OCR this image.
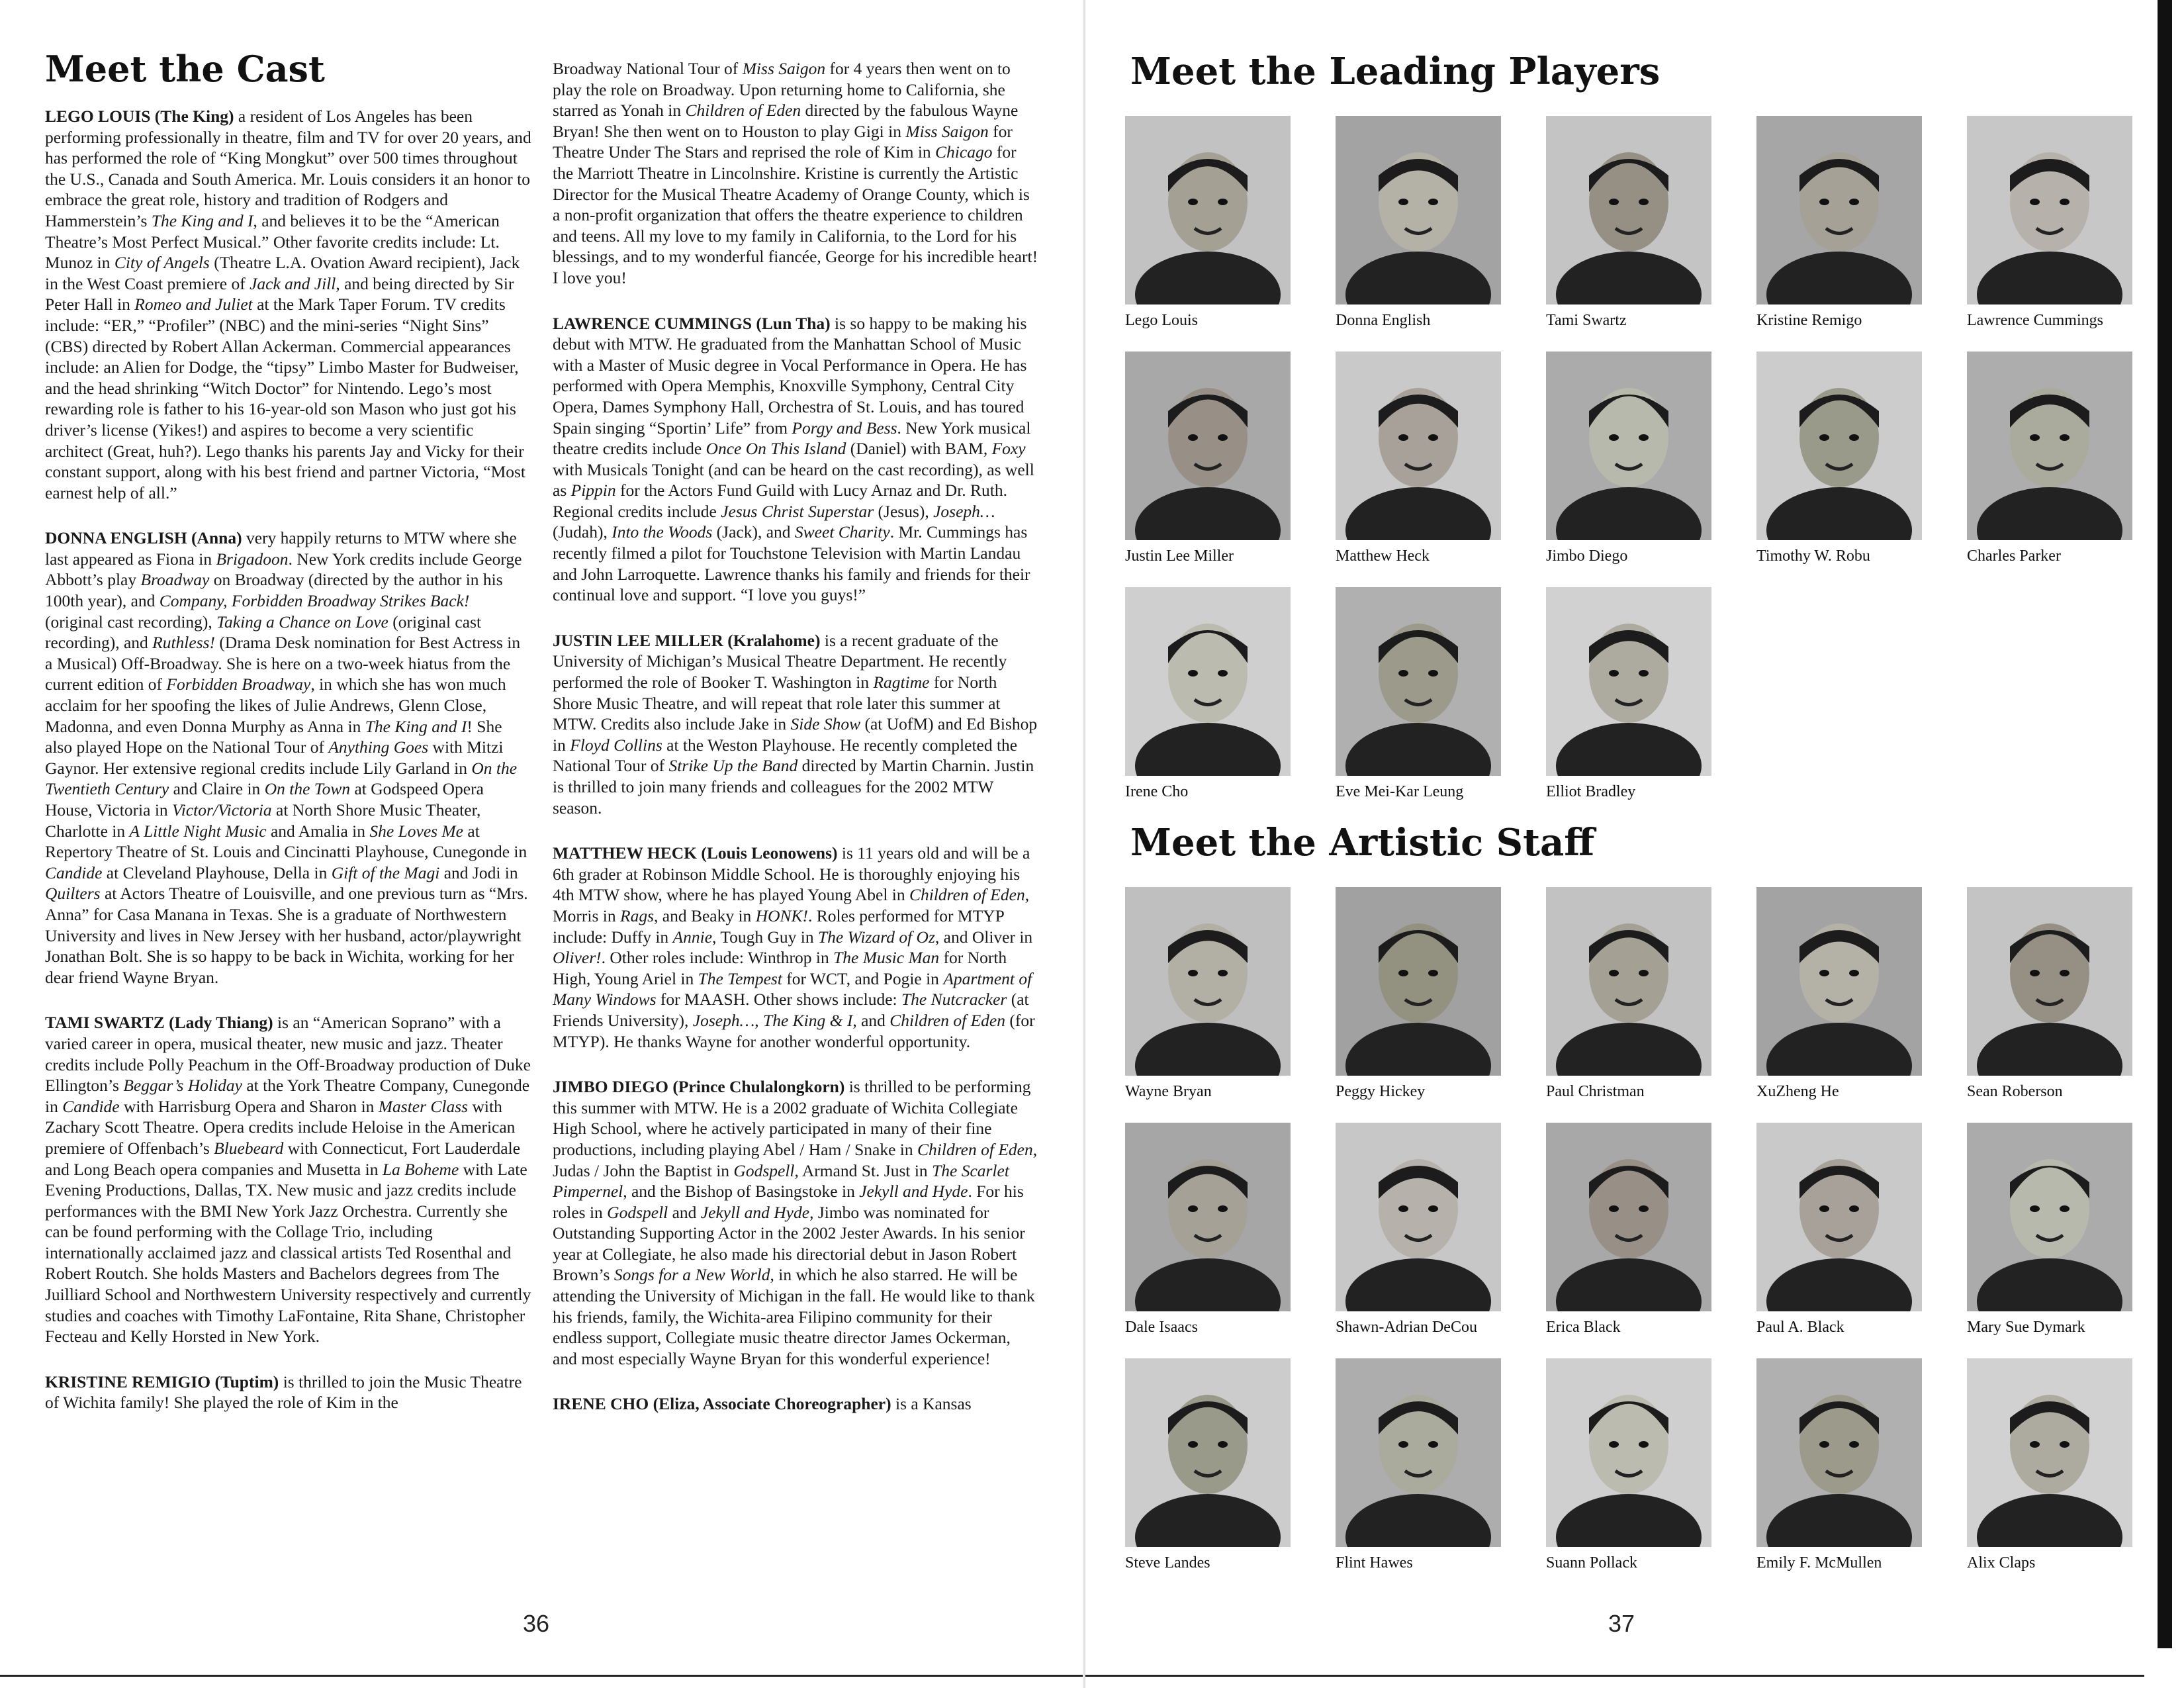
Meet the Cast

LEGO LOUIS (The King) a resident of Los Angeles has been performing professionally in theatre, film and TV for over 20 years, and has performed the role of “King Mongkut” over 500 times throughout the U.S., Canada and South America. Mr. Louis considers it an honor to embrace the great role, history and tradition of Rodgers and Hammerstein’s The King and I, and believes it to be the “American Theatre’s Most Perfect Musical.” Other favorite credits include: Lt. Munoz in City of Angels (Theatre L.A. Ovation Award recipient), Jack in the West Coast premiere of Jack and Jill, and being directed by Sir Peter Hall in Romeo and Juliet at the Mark Taper Forum. TV credits include: “ER,” “Profiler” (NBC) and the mini-series “Night Sins” (CBS) directed by Robert Allan Ackerman. Commercial appearances include: an Alien for Dodge, the “tipsy” Limbo Master for Budweiser, and the head shrinking “Witch Doctor” for Nintendo. Lego’s most rewarding role is father to his 16-year-old son Mason who just got his driver’s license (Yikes!) and aspires to become a very scientific architect (Great, huh?). Lego thanks his parents Jay and Vicky for their constant support, along with his best friend and partner Victoria, “Most earnest help of all.”

DONNA ENGLISH (Anna) very happily returns to MTW where she last appeared as Fiona in Brigadoon. New York credits include George Abbott’s play Broadway on Broadway (directed by the author in his 100th year), and Company, Forbidden Broadway Strikes Back! (original cast recording), Taking a Chance on Love (original cast recording), and Ruthless! (Drama Desk nomination for Best Actress in a Musical) Off-Broadway. She is here on a two-week hiatus from the current edition of Forbidden Broadway, in which she has won much acclaim for her spoofing the likes of Julie Andrews, Glenn Close, Madonna, and even Donna Murphy as Anna in The King and I! She also played Hope on the National Tour of Anything Goes with Mitzi Gaynor. Her extensive regional credits include Lily Garland in On the Twentieth Century and Claire in On the Town at Godspeed Opera House, Victoria in Victor/Victoria at North Shore Music Theater, Charlotte in A Little Night Music and Amalia in She Loves Me at Repertory Theatre of St. Louis and Cincinatti Playhouse, Cunegonde in Candide at Cleveland Playhouse, Della in Gift of the Magi and Jodi in Quilters at Actors Theatre of Louisville, and one previous turn as “Mrs. Anna” for Casa Manana in Texas. She is a graduate of Northwestern University and lives in New Jersey with her husband, actor/playwright Jonathan Bolt. She is so happy to be back in Wichita, working for her dear friend Wayne Bryan.

TAMI SWARTZ (Lady Thiang) is an “American Soprano” with a varied career in opera, musical theater, new music and jazz. Theater credits include Polly Peachum in the Off-Broadway production of Duke Ellington’s Beggar’s Holiday at the York Theatre Company, Cunegonde in Candide with Harrisburg Opera and Sharon in Master Class with Zachary Scott Theatre. Opera credits include Heloise in the American premiere of Offenbach’s Bluebeard with Connecticut, Fort Lauderdale and Long Beach opera companies and Musetta in La Boheme with Late Evening Productions, Dallas, TX. New music and jazz credits include performances with the BMI New York Jazz Orchestra. Currently she can be found performing with the Collage Trio, including internationally acclaimed jazz and classical artists Ted Rosenthal and Robert Routch. She holds Masters and Bachelors degrees from The Juilliard School and Northwestern University respectively and currently studies and coaches with Timothy LaFontaine, Rita Shane, Christopher Fecteau and Kelly Horsted in New York.

KRISTINE REMIGIO (Tuptim) is thrilled to join the Music Theatre of Wichita family! She played the role of Kim in the

Broadway National Tour of Miss Saigon for 4 years then went on to play the role on Broadway. Upon returning home to California, she starred as Yonah in Children of Eden directed by the fabulous Wayne Bryan! She then went on to Houston to play Gigi in Miss Saigon for Theatre Under The Stars and reprised the role of Kim in Chicago for the Marriott Theatre in Lincolnshire. Kristine is currently the Artistic Director for the Musical Theatre Academy of Orange County, which is a non-profit organization that offers the theatre experience to children and teens. All my love to my family in California, to the Lord for his blessings, and to my wonderful fiancée, George for his incredible heart! I love you!

LAWRENCE CUMMINGS (Lun Tha) is so happy to be making his debut with MTW. He graduated from the Manhattan School of Music with a Master of Music degree in Vocal Performance in Opera. He has performed with Opera Memphis, Knoxville Symphony, Central City Opera, Dames Symphony Hall, Orchestra of St. Louis, and has toured Spain singing “Sportin’ Life” from Porgy and Bess. New York musical theatre credits include Once On This Island (Daniel) with BAM, Foxy with Musicals Tonight (and can be heard on the cast recording), as well as Pippin for the Actors Fund Guild with Lucy Arnaz and Dr. Ruth. Regional credits include Jesus Christ Superstar (Jesus), Joseph… (Judah), Into the Woods (Jack), and Sweet Charity. Mr. Cummings has recently filmed a pilot for Touchstone Television with Martin Landau and John Larroquette. Lawrence thanks his family and friends for their continual love and support. “I love you guys!”

JUSTIN LEE MILLER (Kralahome) is a recent graduate of the University of Michigan’s Musical Theatre Department. He recently performed the role of Booker T. Washington in Ragtime for North Shore Music Theatre, and will repeat that role later this summer at MTW. Credits also include Jake in Side Show (at UofM) and Ed Bishop in Floyd Collins at the Weston Playhouse. He recently completed the National Tour of Strike Up the Band directed by Martin Charnin. Justin is thrilled to join many friends and colleagues for the 2002 MTW season.

MATTHEW HECK (Louis Leonowens) is 11 years old and will be a 6th grader at Robinson Middle School. He is thoroughly enjoying his 4th MTW show, where he has played Young Abel in Children of Eden, Morris in Rags, and Beaky in HONK!. Roles performed for MTYP include: Duffy in Annie, Tough Guy in The Wizard of Oz, and Oliver in Oliver!. Other roles include: Winthrop in The Music Man for North High, Young Ariel in The Tempest for WCT, and Pogie in Apartment of Many Windows for MAASH. Other shows include: The Nutcracker (at Friends University), Joseph…, The King & I, and Children of Eden (for MTYP). He thanks Wayne for another wonderful opportunity.

JIMBO DIEGO (Prince Chulalongkorn) is thrilled to be performing this summer with MTW. He is a 2002 graduate of Wichita Collegiate High School, where he actively participated in many of their fine productions, including playing Abel / Ham / Snake in Children of Eden, Judas / John the Baptist in Godspell, Armand St. Just in The Scarlet Pimpernel, and the Bishop of Basingstoke in Jekyll and Hyde. For his roles in Godspell and Jekyll and Hyde, Jimbo was nominated for Outstanding Supporting Actor in the 2002 Jester Awards. In his senior year at Collegiate, he also made his directorial debut in Jason Robert Brown’s Songs for a New World, in which he also starred. He will be attending the University of Michigan in the fall. He would like to thank his friends, family, the Wichita-area Filipino community for their endless support, Collegiate music theatre director James Ockerman, and most especially Wayne Bryan for this wonderful experience!

IRENE CHO (Eliza, Associate Choreographer) is a Kansas

36
Meet the Leading Players
Meet the Artistic Staff
37
Lego Louis	Donna English	Tami Swartz	Kristine Remigo	Lawrence Cummings
Justin Lee Miller	Matthew Heck	Jimbo Diego	Timothy W. Robu	Charles Parker
Irene Cho	Eve Mei-Kar Leung	Elliot Bradley
Wayne Bryan	Peggy Hickey	Paul Christman	XuZheng He	Sean Roberson
Dale Isaacs	Shawn-Adrian DeCou	Erica Black	Paul A. Black	Mary Sue Dymark
Steve Landes	Flint Hawes	Suann Pollack	Emily F. McMullen	Alix Claps
